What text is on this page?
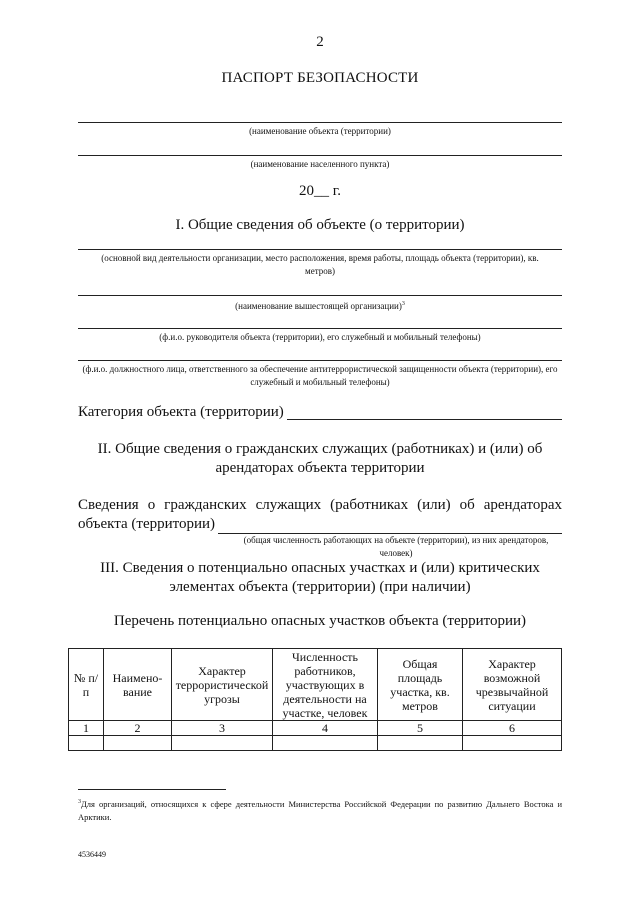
2
ПАСПОРТ БЕЗОПАСНОСТИ
(наименование объекта (территории)
(наименование населенного пункта)
20__ г.
I. Общие сведения об объекте (о территории)
(основной вид деятельности организации, место расположения, время работы, площадь объекта (территории), кв. метров)
(наименование вышестоящей организации)$^3$
(ф.и.о. руководителя объекта (территории), его служебный и мобильный телефоны)
(ф.и.о. должностного лица, ответственного за обеспечение антитеррористической защищенности объекта (территории), его служебный и мобильный телефоны)
Категория объекта (территории)
II. Общие сведения о гражданских служащих (работниках) и (или) об арендаторах объекта территории
Сведения о гражданских служащих (работниках (или) об арендаторах объекта (территории)
(общая численность работающих на объекте (территории), из них арендаторов, человек)
III. Сведения о потенциально опасных участках и (или) критических элементах объекта (территории) (при наличии)
Перечень потенциально опасных участков объекта (территории)
№ п/п	Наимено-вание	Характер террористической угрозы	Численность работников, участвующих в деятельности на участке, человек	Общая площадь участка, кв. метров	Характер возможной чрезвычайной ситуации
1	2	3	4	5	6

$^3$Для организаций, относящихся к сфере деятельности Министерства Российской Федерации по развитию Дальнего Востока и Арктики.
4536449
